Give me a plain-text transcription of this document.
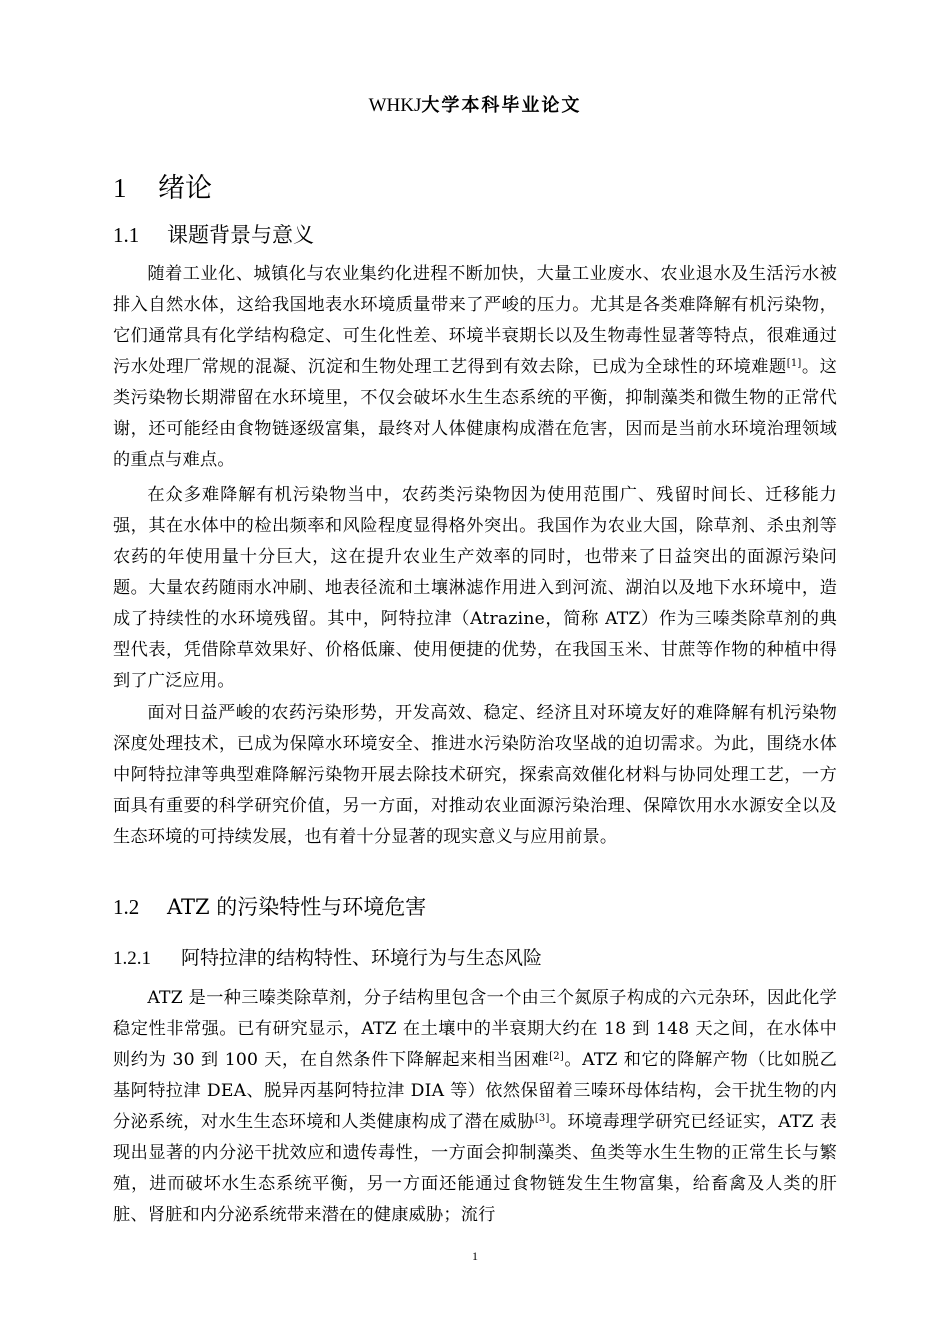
WHKJ大学本科毕业论文
1 绪论
1.1 课题背景与意义

随着工业化、城镇化与农业集约化进程不断加快，大量工业废水、农业退水及生活污水被排入自然水体，这给我国地表水环境质量带来了严峻的压力。尤其是各类难降解有机污染物，它们通常具有化学结构稳定、可生化性差、环境半衰期长以及生物毒性显著等特点，很难通过污水处理厂常规的混凝、沉淀和生物处理工艺得到有效去除，已成为全球性的环境难题[1]。这类污染物长期滞留在水环境里，不仅会破坏水生生态系统的平衡，抑制藻类和微生物的正常代谢，还可能经由食物链逐级富集，最终对人体健康构成潜在危害，因而是当前水环境治理领域的重点与难点。

在众多难降解有机污染物当中，农药类污染物因为使用范围广、残留时间长、迁移能力强，其在水体中的检出频率和风险程度显得格外突出。我国作为农业大国，除草剂、杀虫剂等农药的年使用量十分巨大，这在提升农业生产效率的同时，也带来了日益突出的面源污染问题。大量农药随雨水冲刷、地表径流和土壤淋滤作用进入到河流、湖泊以及地下水环境中，造成了持续性的水环境残留。其中，阿特拉津（Atrazine，简称 ATZ）作为三嗪类除草剂的典型代表，凭借除草效果好、价格低廉、使用便捷的优势，在我国玉米、甘蔗等作物的种植中得到了广泛应用。

面对日益严峻的农药污染形势，开发高效、稳定、经济且对环境友好的难降解有机污染物深度处理技术，已成为保障水环境安全、推进水污染防治攻坚战的迫切需求。为此，围绕水体中阿特拉津等典型难降解污染物开展去除技术研究，探索高效催化材料与协同处理工艺，一方面具有重要的科学研究价值，另一方面，对推动农业面源污染治理、保障饮用水水源安全以及生态环境的可持续发展，也有着十分显著的现实意义与应用前景。

1.2 ATZ 的污染特性与环境危害
1.2.1 阿特拉津的结构特性、环境行为与生态风险

ATZ 是一种三嗪类除草剂，分子结构里包含一个由三个氮原子构成的六元杂环，因此化学稳定性非常强。已有研究显示，ATZ 在土壤中的半衰期大约在 18 到 148 天之间，在水体中则约为 30 到 100 天，在自然条件下降解起来相当困难[2]。ATZ 和它的降解产物（比如脱乙基阿特拉津 DEA、脱异丙基阿特拉津 DIA 等）依然保留着三嗪环母体结构，会干扰生物的内分泌系统，对水生生态环境和人类健康构成了潜在威胁[3]。环境毒理学研究已经证实，ATZ 表现出显著的内分泌干扰效应和遗传毒性，一方面会抑制藻类、鱼类等水生生物的正常生长与繁殖，进而破坏水生态系统平衡，另一方面还能通过食物链发生生物富集，给畜禽及人类的肝脏、肾脏和内分泌系统带来潜在的健康威胁；流行

1
